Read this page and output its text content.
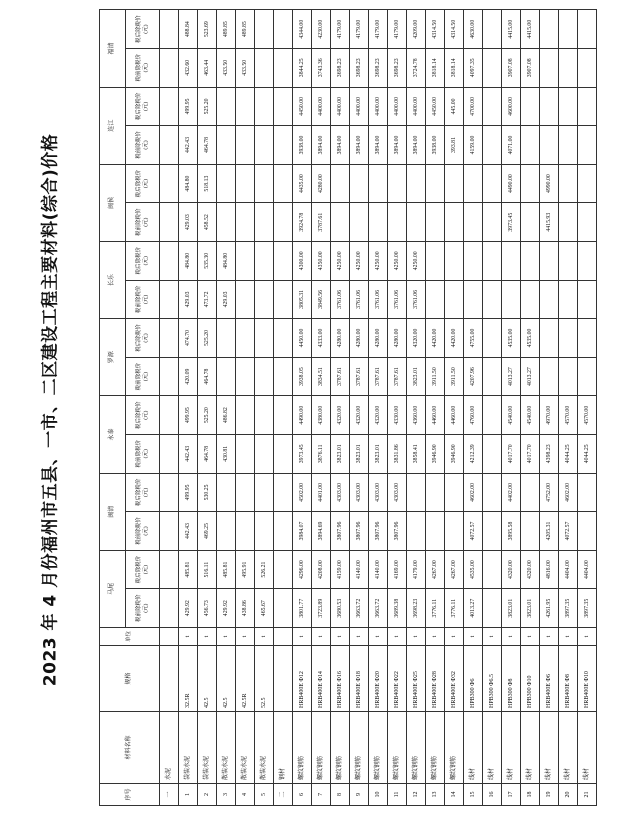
2023 年 4 月份福州市五县、一市、二区建设工程主要材料(综合)价格
序号	材料名称	规格	单位	马尾		闽清		永泰		罗源		长乐		闽侯		连江		福清	
				税前除税价(元)	税后除税价(元)	税前除税价(元)	税后除税价(元)	税前除税价(元)	税后除税价(元)	税前除税价(元)	税后除税价(元)	税前除税价(元)	税后除税价(元)	税前除税价(元)	税后除税价(元)	税前除税价(元)	税后除税价(元)	税前除税价(元)	税后除税价(元)
一	水泥																		
1	袋装水泥	32.5R	t	429.92	485.81	442.43	499.95	442.43	499.95	420.09	474.70	429.03	484.80	429.03	484.80	442.43	499.95	432.60	488.84
2	袋装水泥	42.5	t	456.73	516.11	469.25	530.25	464.78	525.20	464.78	525.20	473.72	535.30	458.52	518.13	464.78	525.20	463.44	523.69
3	散装水泥	42.5	t	429.92	485.81			430.81	486.82			429.03	484.80					433.50	489.85
4	散装水泥	42.5R	t	438.86	495.91													433.50	489.85
5	散装水泥	52.5	t	465.67	526.21														
二	钢材																		
6	螺纹钢筋	HRB400E Φ12	t	3801.77	4296.00	3984.07	4502.00	3973.45	4490.00	3938.05	4450.00	3805.31	4300.00	3924.78	4435.00	3938.00	4450.00	3844.25	4344.00
7	螺纹钢筋	HRB400E Φ14	t	3723.89	4208.00	3894.69	4401.00	3876.11	4380.00	3834.51	4333.00	3849.56	4350.00	3787.61	4280.00	3894.00	4400.00	3743.36	4230.00
8	螺纹钢筋	HRB400E Φ16	t	3680.53	4159.00	3807.96	4303.00	3823.01	4320.00	3787.61	4280.00	3761.06	4250.00			3894.00	4400.00	3698.23	4179.00
9	螺纹钢筋	HRB400E Φ18	t	3663.72	4140.00	3807.96	4303.00	3823.01	4320.00	3787.61	4280.00	3761.06	4250.00			3894.00	4400.00	3698.23	4179.00
10	螺纹钢筋	HRB400E Φ20	t	3663.72	4140.00	3807.96	4303.00	3823.01	4320.00	3787.61	4280.00	3761.06	4250.00			3894.00	4400.00	3698.23	4179.00
11	螺纹钢筋	HRB400E Φ22	t	3689.38	4169.00	3807.96	4303.00	3831.86	4330.00	3787.61	4280.00	3761.06	4250.00			3894.00	4400.00	3698.23	4179.00
12	螺纹钢筋	HRB400E Φ25	t	3698.23	4179.00			3858.41	4360.00	3823.01	4320.00	3761.06	4250.00			3894.00	4400.00	3724.78	4209.00
13	螺纹钢筋	HRB400E Φ28	t	3776.11	4267.00			3946.90	4460.00	3911.50	4420.00					3938.00	4450.00	3818.14	4314.50
14	螺纹钢筋	HRB400E Φ32	t	3776.11	4267.00			3946.90	4460.00	3911.50	4420.00					393.81	445.00	3818.14	4314.50
15	线材	HPB300 Φ6	t	4013.27	4535.00	4072.57	4602.00	4212.39	4760.00	4207.96	4755.00					4159.00	4700.00	4097.35	4630.00
16	线材	HPB300 Φ6.5	t																
17	线材	HPB300 Φ8	t	3823.01	4320.00	3895.58	4402.00	4017.70	4540.00	4013.27	4535.00			3973.45	4490.00	4071.00	4600.00	3907.08	4415.00
18	线材	HPB300 Φ10	t	3823.01	4320.00			4017.70	4540.00	4013.27	4535.00							3907.08	4415.00
19	线材	HRB400E Φ6	t	4261.95	4816.00	4205.31	4752.00	4398.23	4970.00					4415.93	4990.00				
20	线材	HRB400E Φ8	t	3897.35	4404.00	4072.57	4602.00	4044.25	4570.00										
21	线材	HRB400E Φ10	t	3897.35	4404.00			4044.25	4570.00										
